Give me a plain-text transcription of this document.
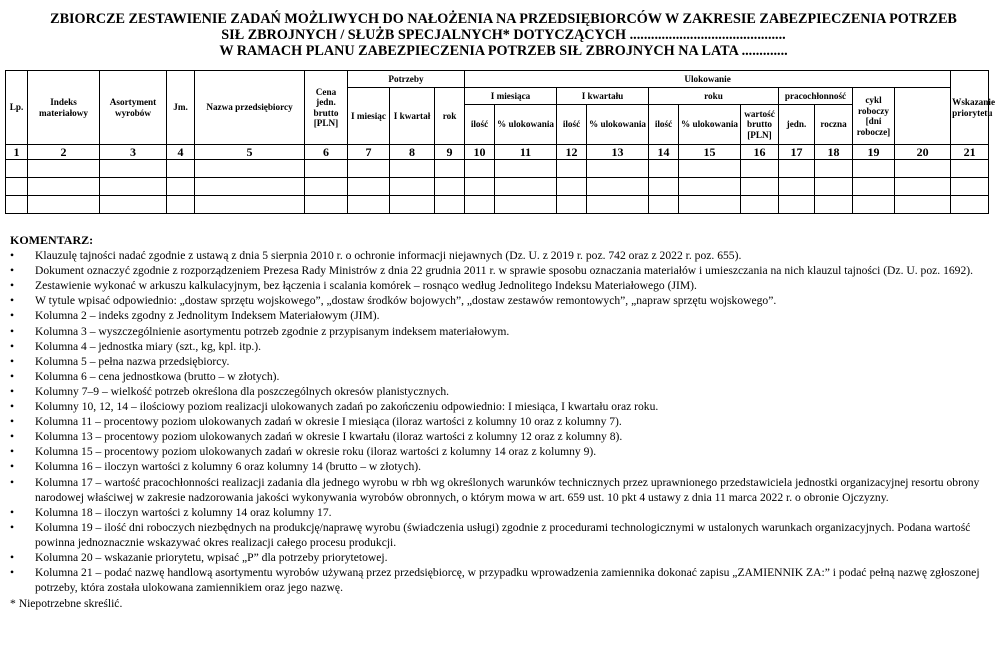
ZBIORCZE ZESTAWIENIE ZADAŃ MOŻLIWYCH DO NAŁOŻENIA NA PRZEDSIĘBIORCÓW W ZAKRESIE ZABEZPIECZENIA POTRZEB
SIŁ ZBROJNYCH / SŁUŻB SPECJALNYCH* DOTYCZĄCYCH ............................................
W RAMACH PLANU ZABEZPIECZENIA POTRZEB SIŁ ZBROJNYCH NA LATA .............
Lp.	Indeks materiałowy	Asortyment wyrobów	Jm.	Nazwa przedsiębiorcy	Cena jedn. brutto [PLN]	Potrzeby			Ulokowanie											Wskazanie priorytetu	
						I miesiąc	I kwartał	rok	I miesiąca		I kwartału		roku			pracochłonność		cykl roboczy [dni robocze]			
									ilość	% ulokowania	ilość	% ulokowania	ilość	% ulokowania	wartość brutto [PLN]	jedn.	roczna				
1	2	3	4	5	6	7	8	9	10	11	12	13	14	15	16	17	18	19	20	21	

KOMENTARZ:
• Klauzulę tajności nadać zgodnie z ustawą z dnia 5 sierpnia 2010 r. o ochronie informacji niejawnych (Dz. U. z 2019 r. poz. 742 oraz z 2022 r. poz. 655).
• Dokument oznaczyć zgodnie z rozporządzeniem Prezesa Rady Ministrów z dnia 22 grudnia 2011 r. w sprawie sposobu oznaczania materiałów i umieszczania na nich klauzul tajności (Dz. U. poz. 1692).
• Zestawienie wykonać w arkuszu kalkulacyjnym, bez łączenia i scalania komórek – rosnąco według Jednolitego Indeksu Materiałowego (JIM).
• W tytule wpisać odpowiednio: „dostaw sprzętu wojskowego”, „dostaw środków bojowych”, „dostaw zestawów remontowych”, „napraw sprzętu wojskowego”.
• Kolumna 2 – indeks zgodny z Jednolitym Indeksem Materiałowym (JIM).
• Kolumna 3 – wyszczególnienie asortymentu potrzeb zgodnie z przypisanym indeksem materiałowym.
• Kolumna 4 – jednostka miary (szt., kg, kpl. itp.).
• Kolumna 5 – pełna nazwa przedsiębiorcy.
• Kolumna 6 – cena jednostkowa (brutto – w złotych).
• Kolumny 7–9 – wielkość potrzeb określona dla poszczególnych okresów planistycznych.
• Kolumny 10, 12, 14 – ilościowy poziom realizacji ulokowanych zadań po zakończeniu odpowiednio: I miesiąca, I kwartału oraz roku.
• Kolumna 11 – procentowy poziom ulokowanych zadań w okresie I miesiąca (iloraz wartości z kolumny 10 oraz z kolumny 7).
• Kolumna 13 – procentowy poziom ulokowanych zadań w okresie I kwartału (iloraz wartości z kolumny 12 oraz z kolumny 8).
• Kolumna 15 – procentowy poziom ulokowanych zadań w okresie roku (iloraz wartości z kolumny 14 oraz z kolumny 9).
• Kolumna 16 – iloczyn wartości z kolumny 6 oraz kolumny 14 (brutto – w złotych).
• Kolumna 17 – wartość pracochłonności realizacji zadania dla jednego wyrobu w rbh wg określonych warunków technicznych przez uprawnionego przedstawiciela jednostki organizacyjnej resortu obrony narodowej właściwej w zakresie nadzorowania jakości wykonywania wyrobów obronnych, o którym mowa w art. 659 ust. 10 pkt 4 ustawy z dnia 11 marca 2022 r. o obronie Ojczyzny.
• Kolumna 18 – iloczyn wartości z kolumny 14 oraz kolumny 17.
• Kolumna 19 – ilość dni roboczych niezbędnych na produkcję/naprawę wyrobu (świadczenia usługi) zgodnie z procedurami technologicznymi w ustalonych warunkach organizacyjnych. Podana wartość powinna jednoznacznie wskazywać okres realizacji całego procesu produkcji.
• Kolumna 20 – wskazanie priorytetu, wpisać „P” dla potrzeby priorytetowej.
• Kolumna 21 – podać nazwę handlową asortymentu wyrobów używaną przez przedsiębiorcę, w przypadku wprowadzenia zamiennika dokonać zapisu „ZAMIENNIK ZA:” i podać pełną nazwę zgłoszonej potrzeby, która została ulokowana zamiennikiem oraz jego nazwę.
* Niepotrzebne skreślić.
